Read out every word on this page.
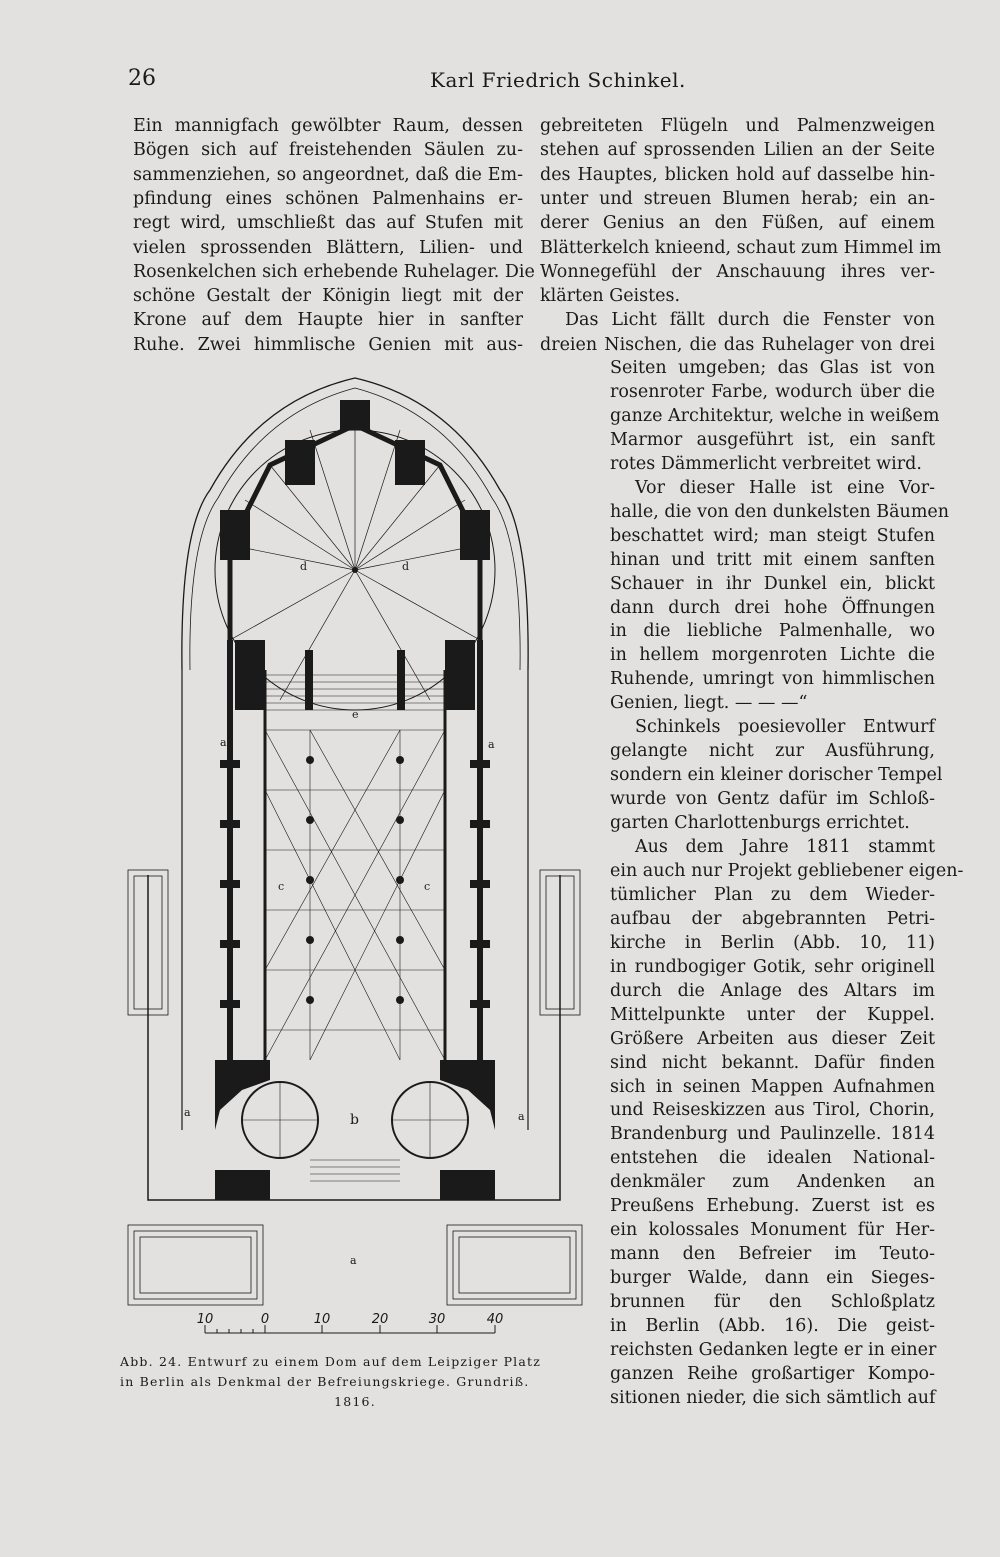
26	Karl Friedrich Schinkel.
Ein mannigfach gewölbter Raum, dessen
Bögen sich auf freistehenden Säulen zu-
sammenziehen, so angeordnet, daß die Em-
pfindung eines schönen Palmenhains er-
regt wird, umschließt das auf Stufen mit
vielen sprossenden Blättern, Lilien- und
Rosenkelchen sich erhebende Ruhelager. Die
schöne Gestalt der Königin liegt mit der
Krone auf dem Haupte hier in sanfter
Ruhe. Zwei himmlische Genien mit aus-
gebreiteten Flügeln und Palmenzweigen
stehen auf sprossenden Lilien an der Seite
des Hauptes, blicken hold auf dasselbe hin-
unter und streuen Blumen herab; ein an-
derer Genius an den Füßen, auf einem
Blätterkelch knieend, schaut zum Himmel im
Wonnegefühl der Anschauung ihres ver-
klärten Geistes.
Das Licht fällt durch die Fenster von
dreien Nischen, die das Ruhelager von drei
Seiten umgeben; das Glas ist von
rosenroter Farbe, wodurch über die
ganze Architektur, welche in weißem
Marmor ausgeführt ist, ein sanft
rotes Dämmerlicht verbreitet wird.
Vor dieser Halle ist eine Vor-
halle, die von den dunkelsten Bäumen
beschattet wird; man steigt Stufen
hinan und tritt mit einem sanften
Schauer in ihr Dunkel ein, blickt
dann durch drei hohe Öffnungen
in die liebliche Palmenhalle, wo
in hellem morgenroten Lichte die
Ruhende, umringt von himmlischen
Genien, liegt. — — —“
Schinkels poesievoller Entwurf
gelangte nicht zur Ausführung,
sondern ein kleiner dorischer Tempel
wurde von Gentz dafür im Schloß-
garten Charlottenburgs errichtet.
Aus dem Jahre 1811 stammt
ein auch nur Projekt gebliebener eigen-
tümlicher Plan zu dem Wieder-
aufbau der abgebrannten Petri-
kirche in Berlin (Abb. 10, 11)
in rundbogiger Gotik, sehr originell
durch die Anlage des Altars im
Mittelpunkte unter der Kuppel.
Größere Arbeiten aus dieser Zeit
sind nicht bekannt. Dafür finden
sich in seinen Mappen Aufnahmen
und Reiseskizzen aus Tirol, Chorin,
Brandenburg und Paulinzelle. 1814
entstehen die idealen National-
denkmäler zum Andenken an
Preußens Erhebung. Zuerst ist es
ein kolossales Monument für Her-
mann den Befreier im Teuto-
burger Walde, dann ein Sieges-
brunnen für den Schloßplatz
in Berlin (Abb. 16). Die geist-
reichsten Gedanken legte er in einer
ganzen Reihe großartiger Kompo-
sitionen nieder, die sich sämtlich auf
d	d
e
a	a
c	c
a	a
b
a
10	0	10	20	30	40
Abb. 24. Entwurf zu einem Dom auf dem Leipziger Platz
in Berlin als Denkmal der Befreiungskriege. Grundriß.
1816.
